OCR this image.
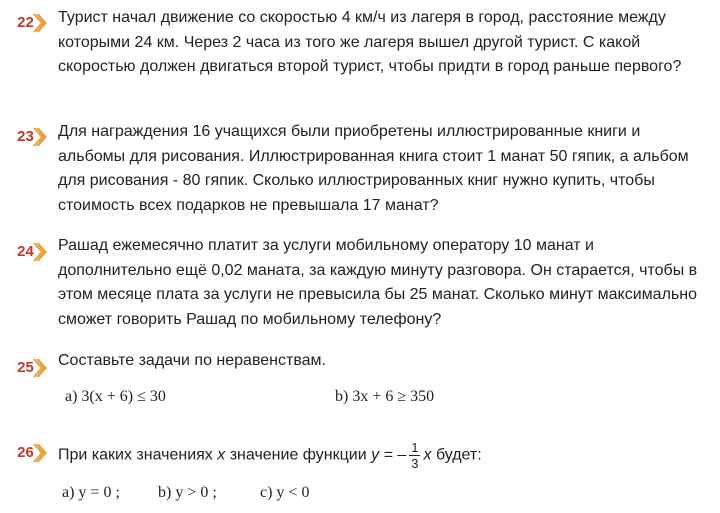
22	Турист начал движение со скоростью 4 км/ч из лагеря в город, расстояние между которыми 24 км. Через 2 часа из того же лагеря вышел другой турист. С какой скоростью должен двигаться второй турист, чтобы придти в город раньше первого?
23	Для награждения 16 учащихся были приобретены иллюстрированные книги и альбомы для рисования. Иллюстрированная книга стоит 1 манат 50 гяпик, а альбом для рисования - 80 гяпик. Сколько иллюстрированных книг нужно купить, чтобы стоимость всех подарков не превышала 17 манат?
24	Рашад ежемесячно платит за услуги мобильному оператору 10 манат и дополнительно ещё 0,02 маната, за каждую минуту разговора. Он старается, чтобы в этом месяце плата за услуги не превысила бы 25 манат. Сколько минут максимально сможет говорить Рашад по мобильному телефону?
25	Составьте задачи по неравенствам.
a) 3(x + 6) ≤ 30	b) 3x + 6 ≥ 350
26	При каких значениях x значение функции y = – $\frac{1}{3}$ x будет:
a) y = 0 ; b) y > 0 ;	c) y < 0
